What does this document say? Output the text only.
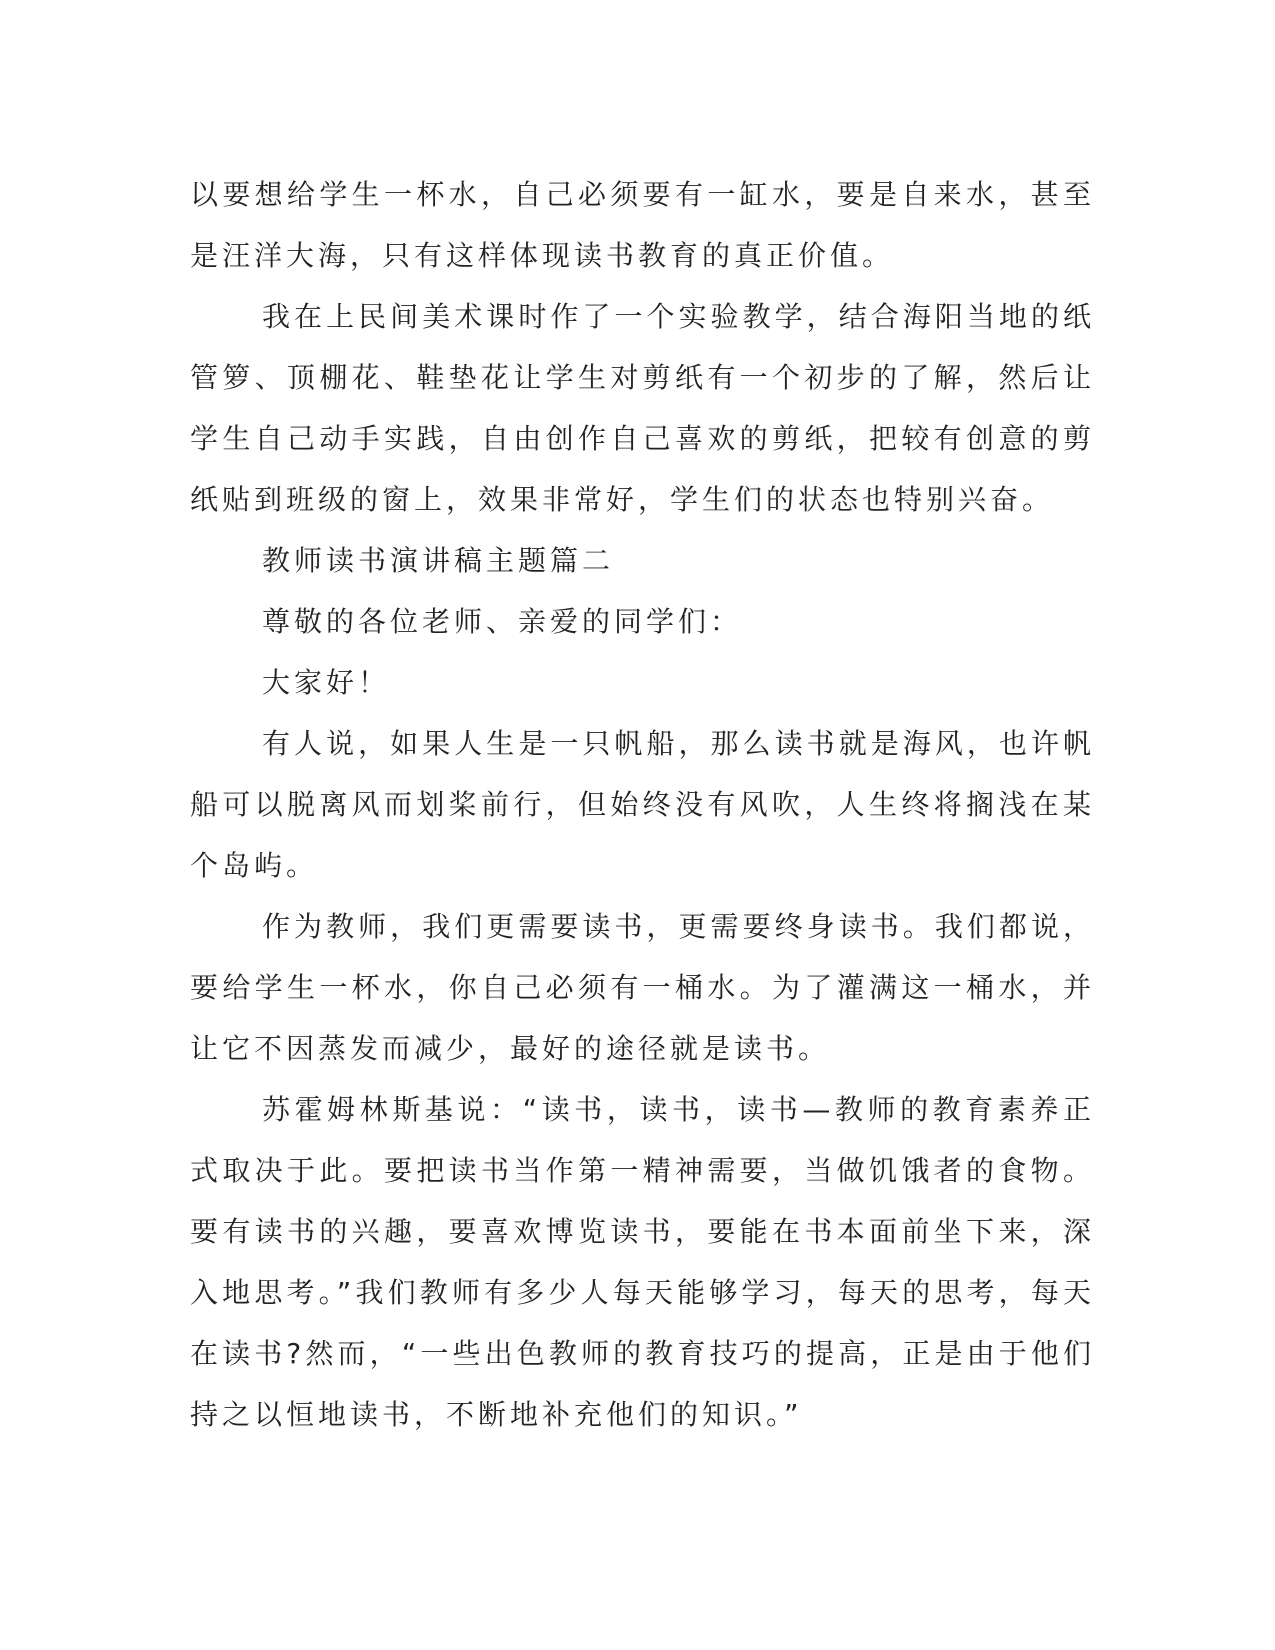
以要想给学生一杯水，自己必须要有一缸水，要是自来水，甚至是汪洋大海，只有这样体现读书教育的真正价值。

我在上民间美术课时作了一个实验教学，结合海阳当地的纸管箩、顶棚花、鞋垫花让学生对剪纸有一个初步的了解，然后让学生自己动手实践，自由创作自己喜欢的剪纸，把较有创意的剪纸贴到班级的窗上，效果非常好，学生们的状态也特别兴奋。

教师读书演讲稿主题篇二

尊敬的各位老师、亲爱的同学们：

大家好！

有人说，如果人生是一只帆船，那么读书就是海风，也许帆船可以脱离风而划桨前行，但始终没有风吹，人生终将搁浅在某个岛屿。

作为教师，我们更需要读书，更需要终身读书。我们都说，要给学生一杯水，你自己必须有一桶水。为了灌满这一桶水，并让它不因蒸发而减少，最好的途径就是读书。

苏霍姆林斯基说：“读书，读书，读书—教师的教育素养正式取决于此。要把读书当作第一精神需要，当做饥饿者的食物。要有读书的兴趣，要喜欢博览读书，要能在书本面前坐下来，深入地思考。”我们教师有多少人每天能够学习，每天的思考，每天在读书?然而，“一些出色教师的教育技巧的提高，正是由于他们持之以恒地读书，不断地补充他们的知识。”
